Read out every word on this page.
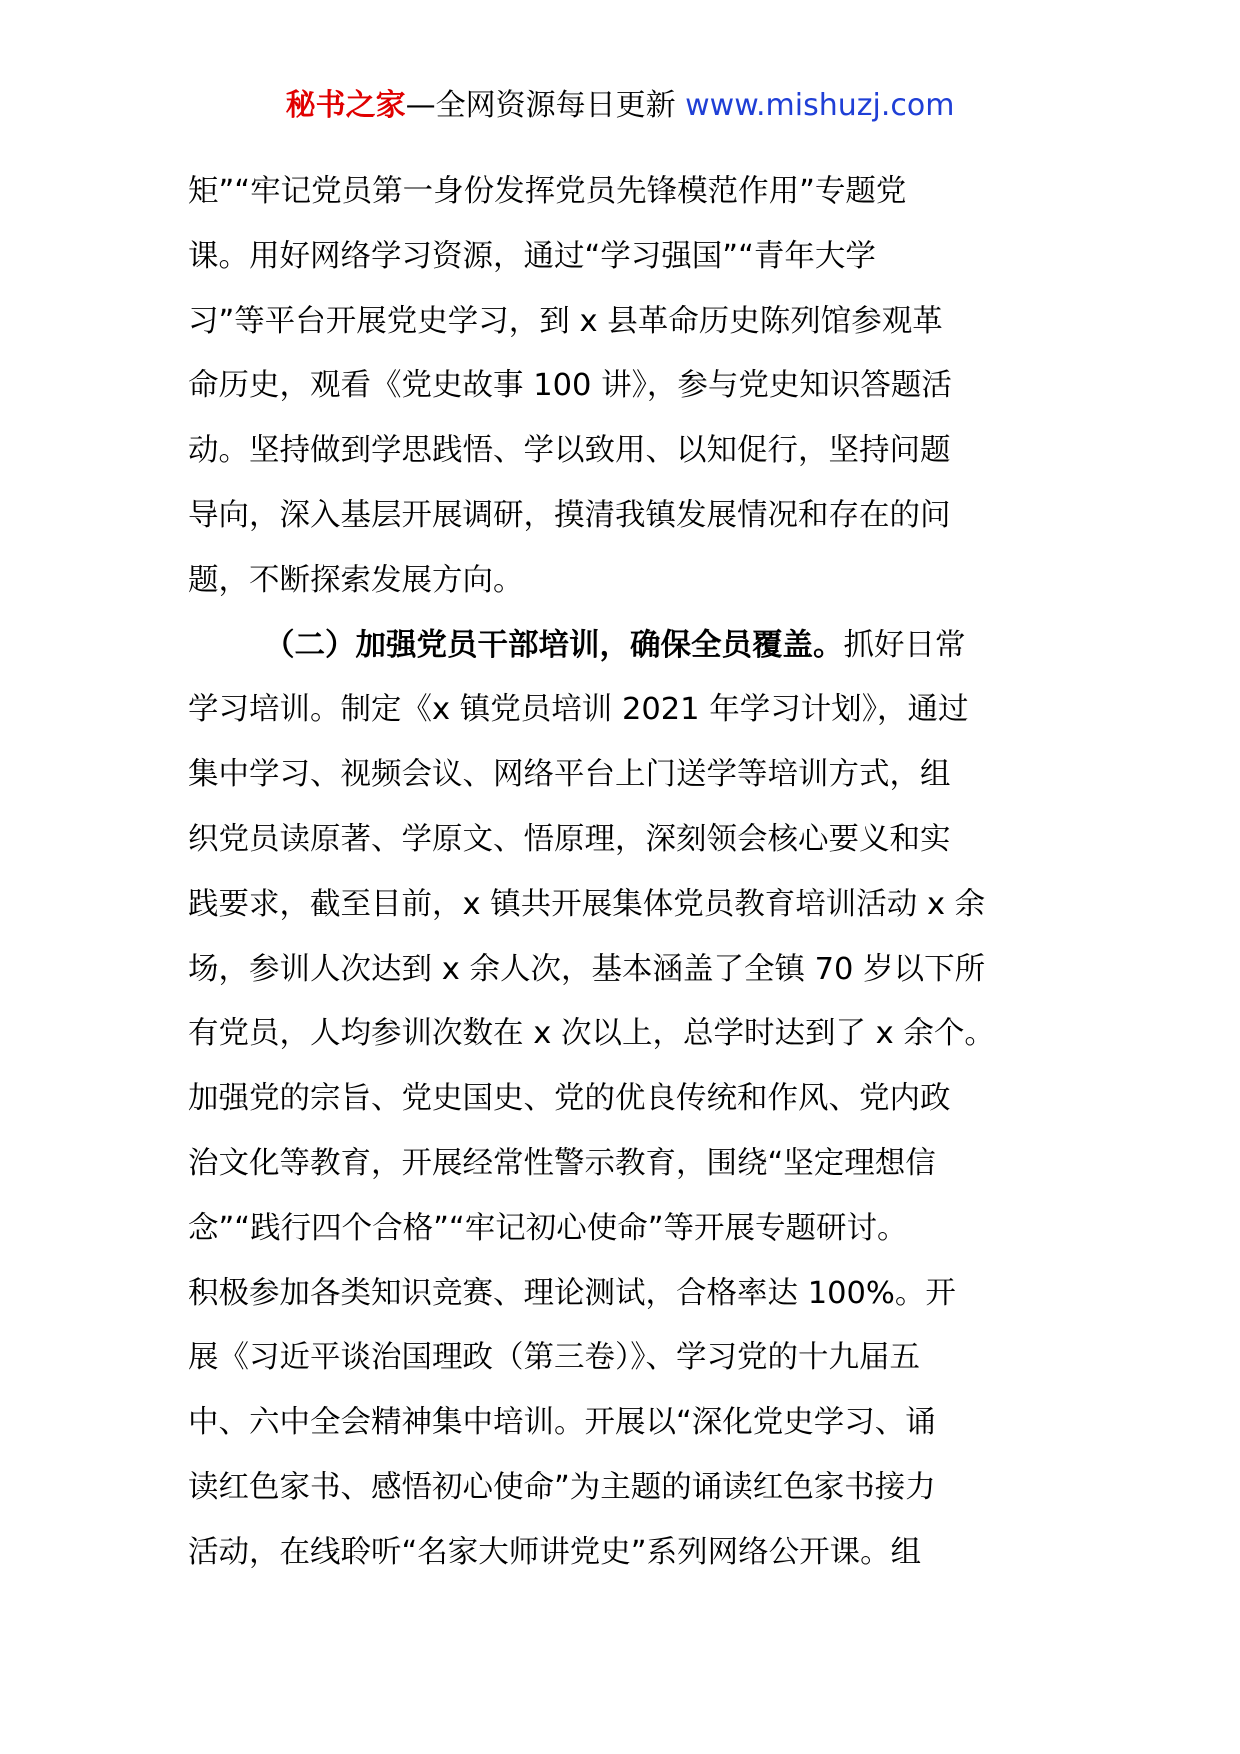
秘书之家—全网资源每日更新 www.mishuzj.com
矩”“牢记党员第一身份发挥党员先锋模范作用”专题党
课。用好网络学习资源，通过“学习强国”“青年大学
习”等平台开展党史学习，到 x 县革命历史陈列馆参观革
命历史，观看《党史故事 100 讲》，参与党史知识答题活
动。坚持做到学思践悟、学以致用、以知促行，坚持问题
导向，深入基层开展调研，摸清我镇发展情况和存在的问
题，不断探索发展方向。
（二）加强党员干部培训，确保全员覆盖。抓好日常
学习培训。制定《x 镇党员培训 2021 年学习计划》，通过
集中学习、视频会议、网络平台上门送学等培训方式，组
织党员读原著、学原文、悟原理，深刻领会核心要义和实
践要求，截至目前，x 镇共开展集体党员教育培训活动 x 余
场，参训人次达到 x 余人次，基本涵盖了全镇 70 岁以下所
有党员，人均参训次数在 x 次以上，总学时达到了 x 余个。
加强党的宗旨、党史国史、党的优良传统和作风、党内政
治文化等教育，开展经常性警示教育，围绕“坚定理想信
念”“践行四个合格”“牢记初心使命”等开展专题研讨。
积极参加各类知识竞赛、理论测试，合格率达 100%。开
展《习近平谈治国理政（第三卷）》、学习党的十九届五
中、六中全会精神集中培训。开展以“深化党史学习、诵
读红色家书、感悟初心使命”为主题的诵读红色家书接力
活动，在线聆听“名家大师讲党史”系列网络公开课。组
